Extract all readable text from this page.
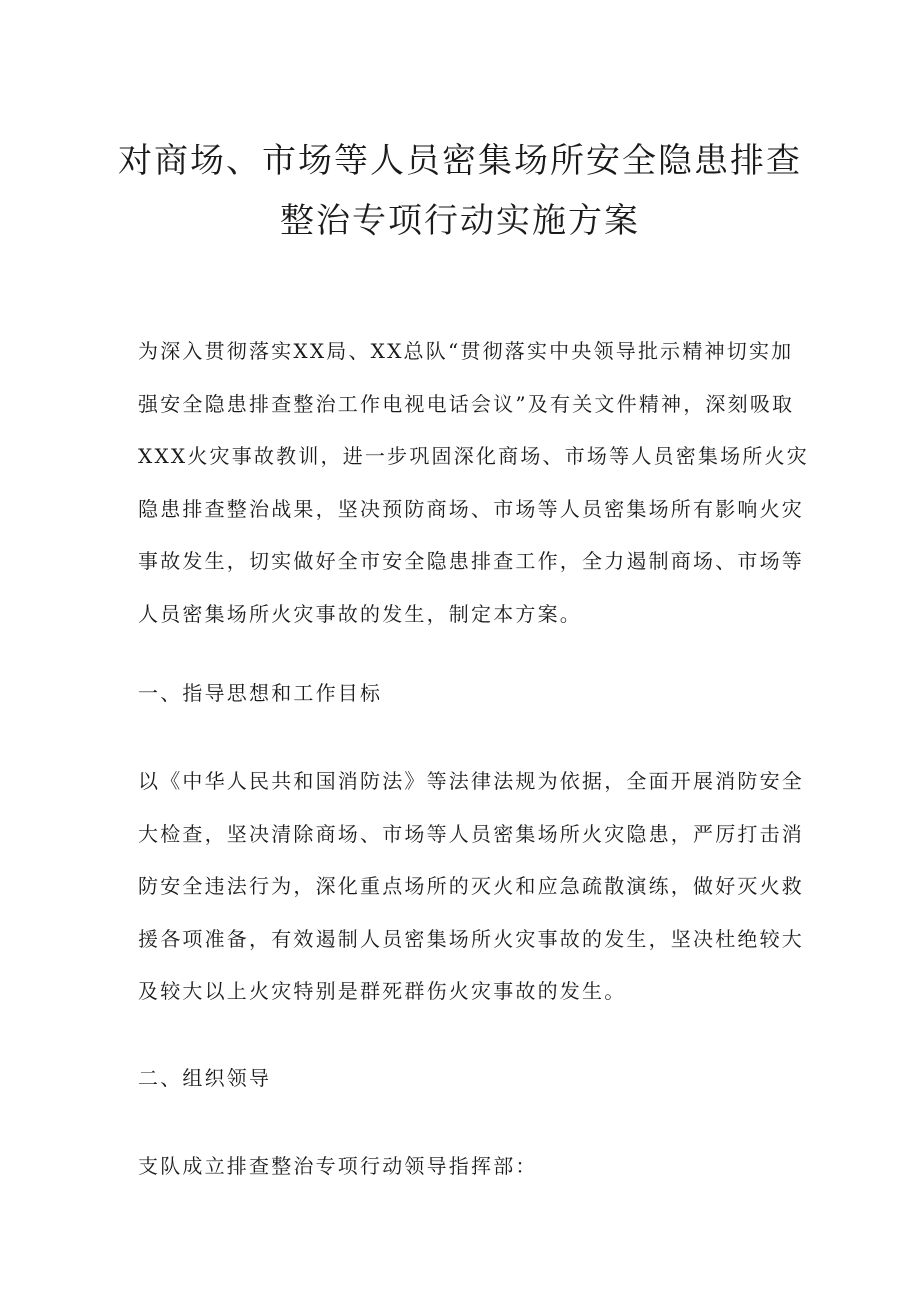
对商场、市场等人员密集场所安全隐患排查
整治专项行动实施方案

为深入贯彻落实XX局、XX总队“贯彻落实中央领导批示精神切实加
强安全隐患排查整治工作电视电话会议”及有关文件精神，深刻吸取
XXX火灾事故教训，进一步巩固深化商场、市场等人员密集场所火灾
隐患排查整治战果，坚决预防商场、市场等人员密集场所有影响火灾
事故发生，切实做好全市安全隐患排查工作，全力遏制商场、市场等
人员密集场所火灾事故的发生，制定本方案。

一、指导思想和工作目标

以《中华人民共和国消防法》等法律法规为依据，全面开展消防安全
大检查，坚决清除商场、市场等人员密集场所火灾隐患，严厉打击消
防安全违法行为，深化重点场所的灭火和应急疏散演练，做好灭火救
援各项准备，有效遏制人员密集场所火灾事故的发生，坚决杜绝较大
及较大以上火灾特别是群死群伤火灾事故的发生。

二、组织领导

支队成立排查整治专项行动领导指挥部：
